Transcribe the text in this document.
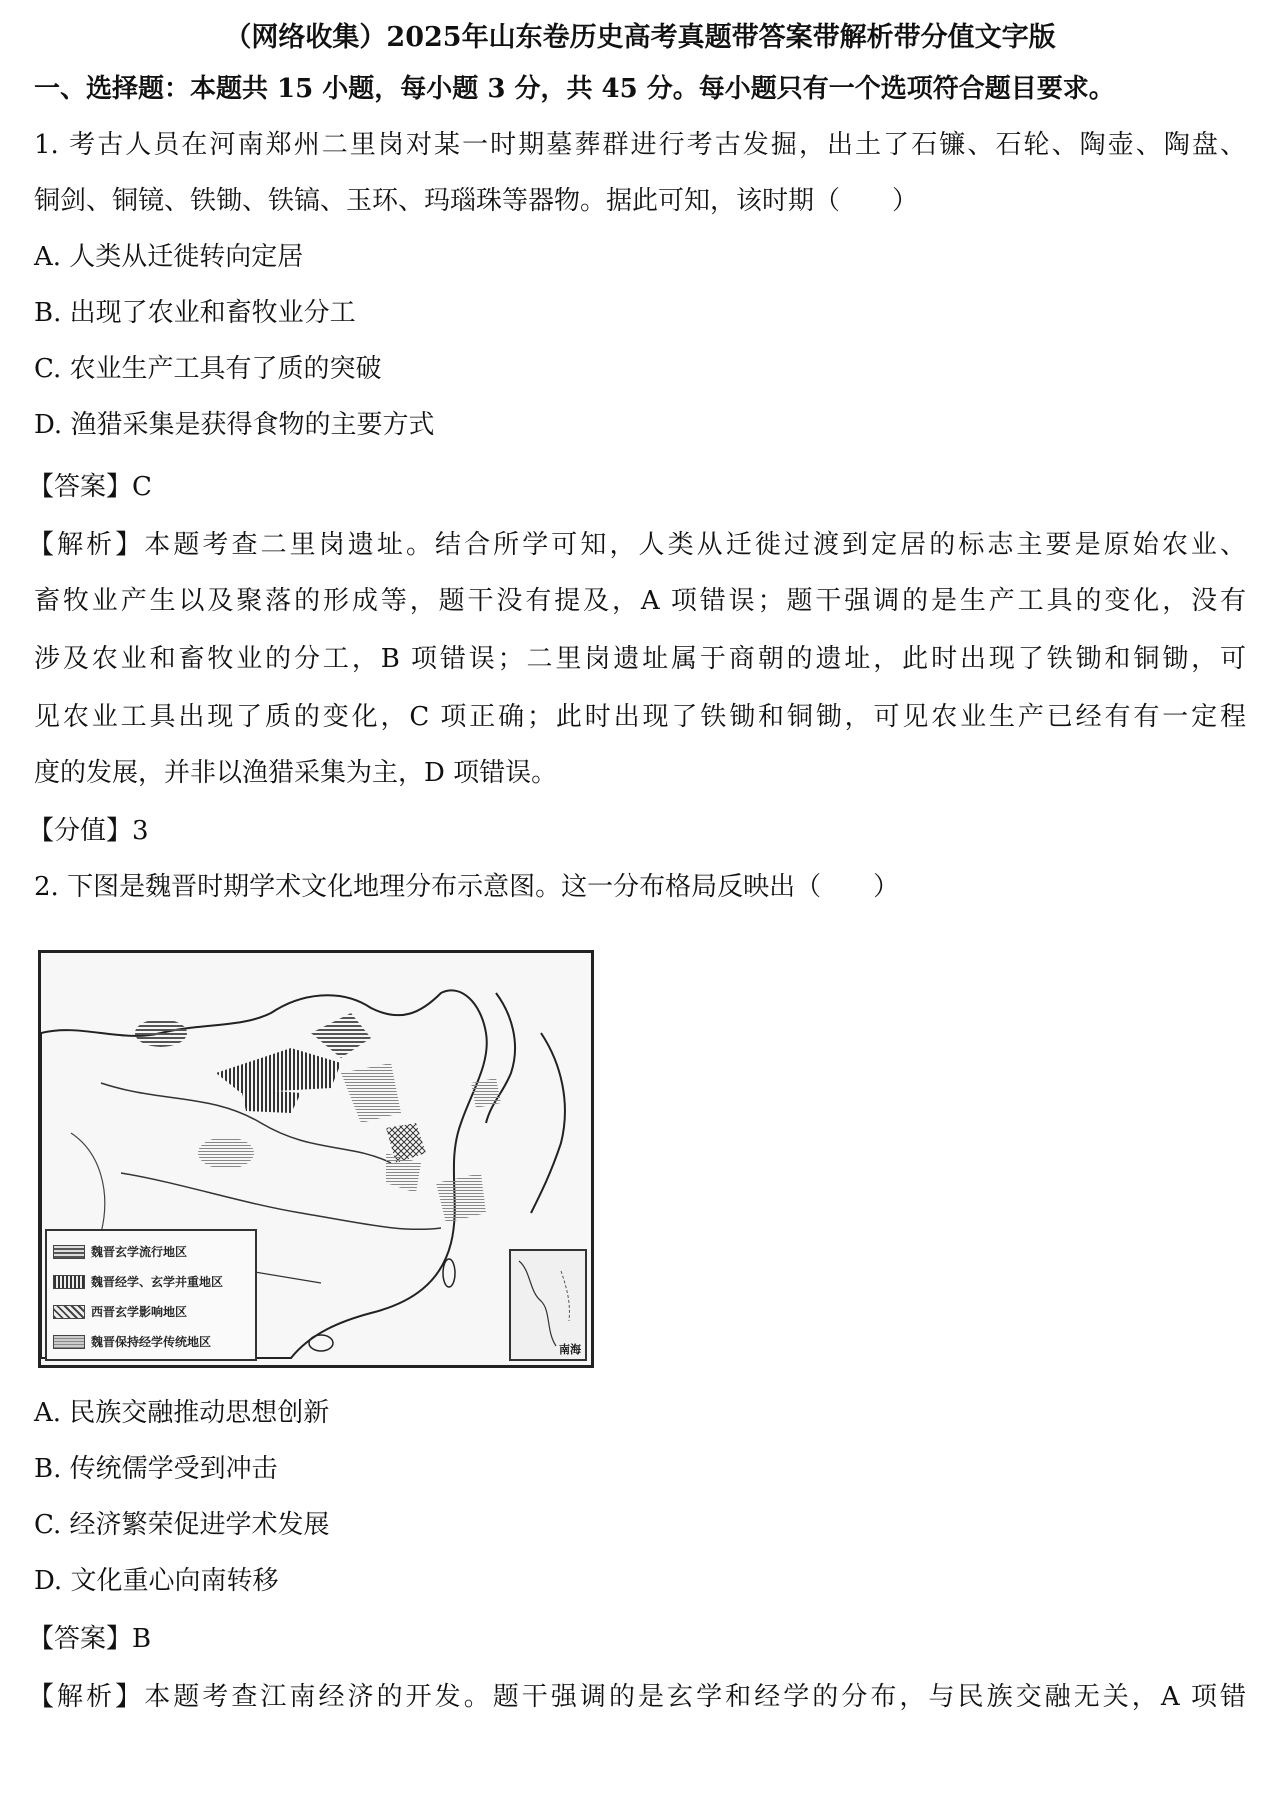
（网络收集）2025年山东卷历史高考真题带答案带解析带分值文字版
一、选择题：本题共 15 小题，每小题 3 分，共 45 分。每小题只有一个选项符合题目要求。
1. 考古人员在河南郑州二里岗对某一时期墓葬群进行考古发掘，出土了石镰、石轮、陶壶、陶盘、
铜剑、铜镜、铁锄、铁镐、玉环、玛瑙珠等器物。据此可知，该时期（　　）
A. 人类从迁徙转向定居
B. 出现了农业和畜牧业分工
C. 农业生产工具有了质的突破
D. 渔猎采集是获得食物的主要方式
【答案】C
【解析】本题考查二里岗遗址。结合所学可知，人类从迁徙过渡到定居的标志主要是原始农业、
畜牧业产生以及聚落的形成等，题干没有提及，A 项错误；题干强调的是生产工具的变化，没有
涉及农业和畜牧业的分工，B 项错误；二里岗遗址属于商朝的遗址，此时出现了铁锄和铜锄，可
见农业工具出现了质的变化，C 项正确；此时出现了铁锄和铜锄，可见农业生产已经有有一定程
度的发展，并非以渔猎采集为主，D 项错误。
【分值】3
2. 下图是魏晋时期学术文化地理分布示意图。这一分布格局反映出（　　）
魏晋玄学流行地区
魏晋经学、玄学并重地区
西晋玄学影响地区
魏晋保持经学传统地区
南海
A. 民族交融推动思想创新
B. 传统儒学受到冲击
C. 经济繁荣促进学术发展
D. 文化重心向南转移
【答案】B
【解析】本题考查江南经济的开发。题干强调的是玄学和经学的分布，与民族交融无关，A 项错
